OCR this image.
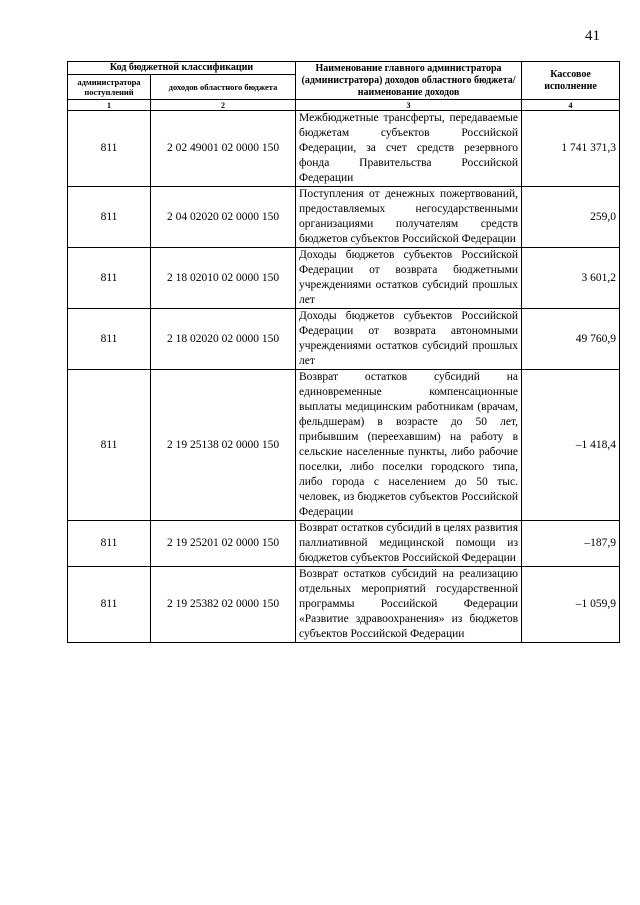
41
Код бюджетной классификации		Наименование главного администратора (администратора) доходов областного бюджета/ наименование доходов	Кассовое исполнение
администратора поступлений	доходов областного бюджета		
1	2	3	4
811	2 02 49001 02 0000 150	Межбюджетные трансферты, передаваемые бюджетам субъектов Российской Федерации, за счет средств резервного фонда Правительства Российской Федерации	1 741 371,3
811	2 04 02020 02 0000 150	Поступления от денежных пожертвований, предоставляемых негосударственными организациями получателям средств бюджетов субъектов Российской Федерации	259,0
811	2 18 02010 02 0000 150	Доходы бюджетов субъектов Российской Федерации от возврата бюджетными учреждениями остатков субсидий прошлых лет	3 601,2
811	2 18 02020 02 0000 150	Доходы бюджетов субъектов Российской Федерации от возврата автономными учреждениями остатков субсидий прошлых лет	49 760,9
811	2 19 25138 02 0000 150	Возврат остатков субсидий на единовременные компенсационные выплаты медицинским работникам (врачам, фельдшерам) в возрасте до 50 лет, прибывшим (переехавшим) на работу в сельские населенные пункты, либо рабочие поселки, либо поселки городского типа, либо города с населением до 50 тыс. человек, из бюджетов субъектов Российской Федерации	–1 418,4
811	2 19 25201 02 0000 150	Возврат остатков субсидий в целях развития паллиативной медицинской помощи из бюджетов субъектов Российской Федерации	–187,9
811	2 19 25382 02 0000 150	Возврат остатков субсидий на реализацию отдельных мероприятий государственной программы Российской Федерации «Развитие здравоохранения» из бюджетов субъектов Российской Федерации	–1 059,9
